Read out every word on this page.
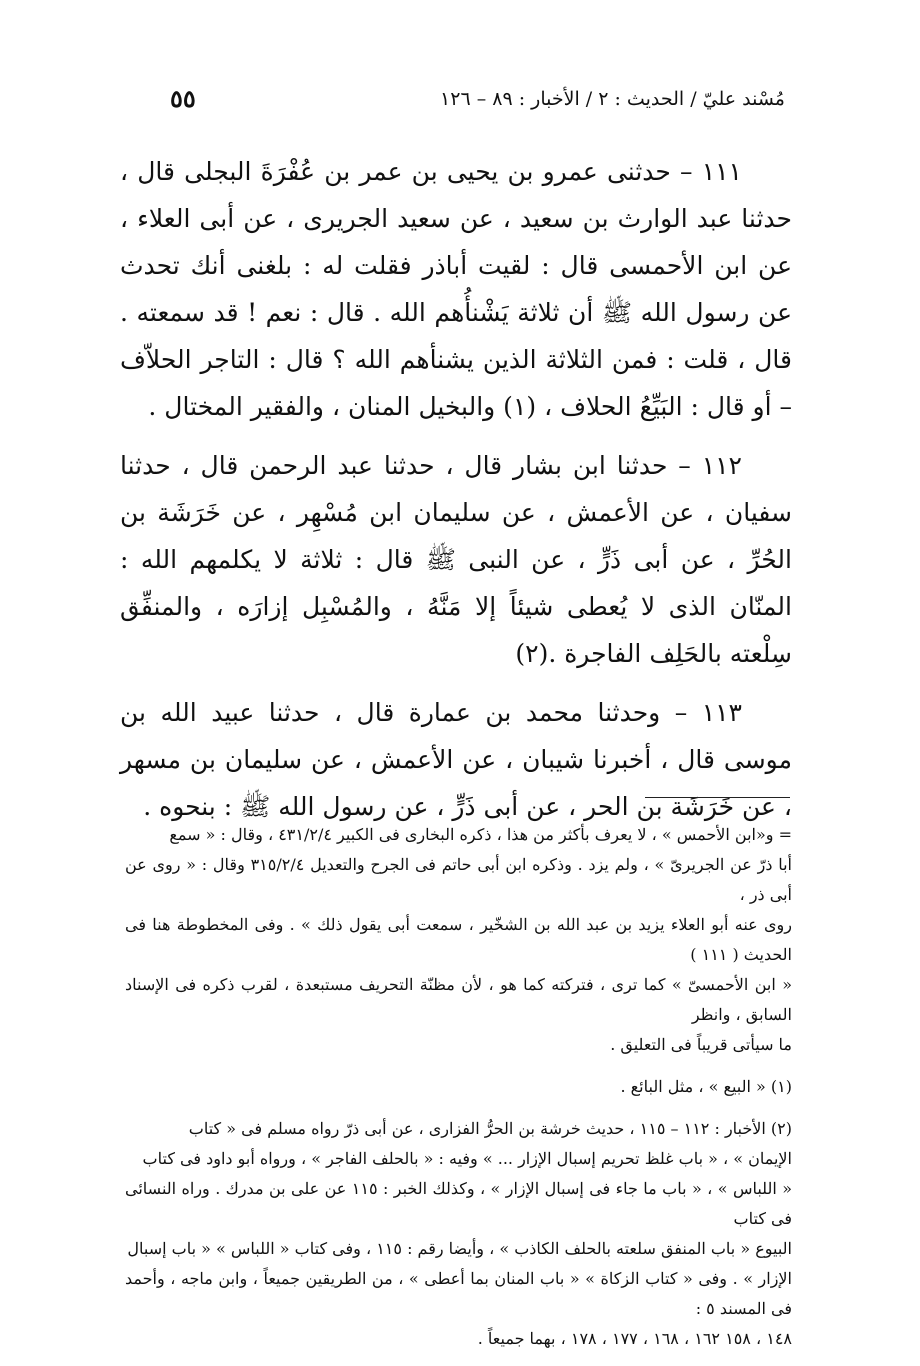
مُسْند عليّ / الحديث : ٢ / الأخبار : ٨٩ – ١٢٦
٥٥

١١١ – حدثنى عمرو بن يحيى بن عمر بن عُفْرَةَ البجلى قال ، حدثنا عبد الوارث بن سعيد ، عن سعيد الجريرى ، عن أبى العلاء ، عن ابن الأحمسى قال : لقيت أباذر فقلت له : بلغنى أنك تحدث عن رسول الله ﷺ أن ثلاثة يَشْنأُهم الله . قال : نعم ! قد سمعته . قال ، قلت : فمن الثلاثة الذين يشنأهم الله ؟ قال : التاجر الحلاّف – أو قال : البَيِّعُ الحلاف ، (١) والبخيل المنان ، والفقير المختال .

١١٢ – حدثنا ابن بشار قال ، حدثنا عبد الرحمن قال ، حدثنا سفيان ، عن الأعمش ، عن سليمان ابن مُسْهِر ، عن خَرَشَة بن الحُرِّ ، عن أبى ذَرٍّ ، عن النبى ﷺ قال : ثلاثة لا يكلمهم الله : المنّان الذى لا يُعطى شيئاً إلا مَنَّهُ ، والمُسْبِل إزارَه ، والمنفِّق سِلْعته بالحَلِف الفاجرة .(٢)

١١٣ – وحدثنا محمد بن عمارة قال ، حدثنا عبيد الله بن موسى قال ، أخبرنا شيبان ، عن الأعمش ، عن سليمان بن مسهر ، عن خَرَشَة بن الحر ، عن أبى ذَرٍّ ، عن رسول الله ﷺ : بنحوه .

= و«ابن الأحمس » ، لا يعرف بأكثر من هذا ، ذكره البخارى فى الكبير ٤٣١/٢/٤ ، وقال : « سمع
أبا ذرّ عن الجريرىّ » ، ولم يزد . وذكره ابن أبى حاتم فى الجرح والتعديل ٣١٥/٢/٤ وقال : « روى عن أبى ذر ،
روى عنه أبو العلاء يزيد بن عبد الله بن الشخّير ، سمعت أبى يقول ذلك » . وفى المخطوطة هنا فى الحديث ( ١١١ )
« ابن الأحمسىّ » كما ترى ، فتركته كما هو ، لأن مظنّة التحريف مستبعدة ، لقرب ذكره فى الإسناد السابق ، وانظر
ما سيأتى قريباً فى التعليق .
(١) « البيع » ، مثل البائع .
(٢) الأخبار : ١١٢ – ١١٥ ، حديث خرشة بن الحرُّ الفزارى ، عن أبى ذرّ رواه مسلم فى « كتاب
الإيمان » ، « باب غلظ تحريم إسبال الإزار ... » وفيه : « بالحلف الفاجر » ، ورواه أبو داود فى كتاب
« اللباس » ، « باب ما جاء فى إسبال الإزار » ، وكذلك الخبر : ١١٥ عن على بن مدرك . وراه النسائى فى كتاب
البيوع « باب المنفق سلعته بالحلف الكاذب » ، وأيضا رقم : ١١٥ ، وفى كتاب « اللباس » « باب إسبال
الإزار » . وفى « كتاب الزكاة » « باب المنان بما أعطى » ، من الطريقين جميعاً ، وابن ماجه ، وأحمد فى المسند ٥ :
١٤٨ ، ١٥٨ ١٦٢ ، ١٦٨ ، ١٧٧ ، ١٧٨ ، بهما جميعاً .
